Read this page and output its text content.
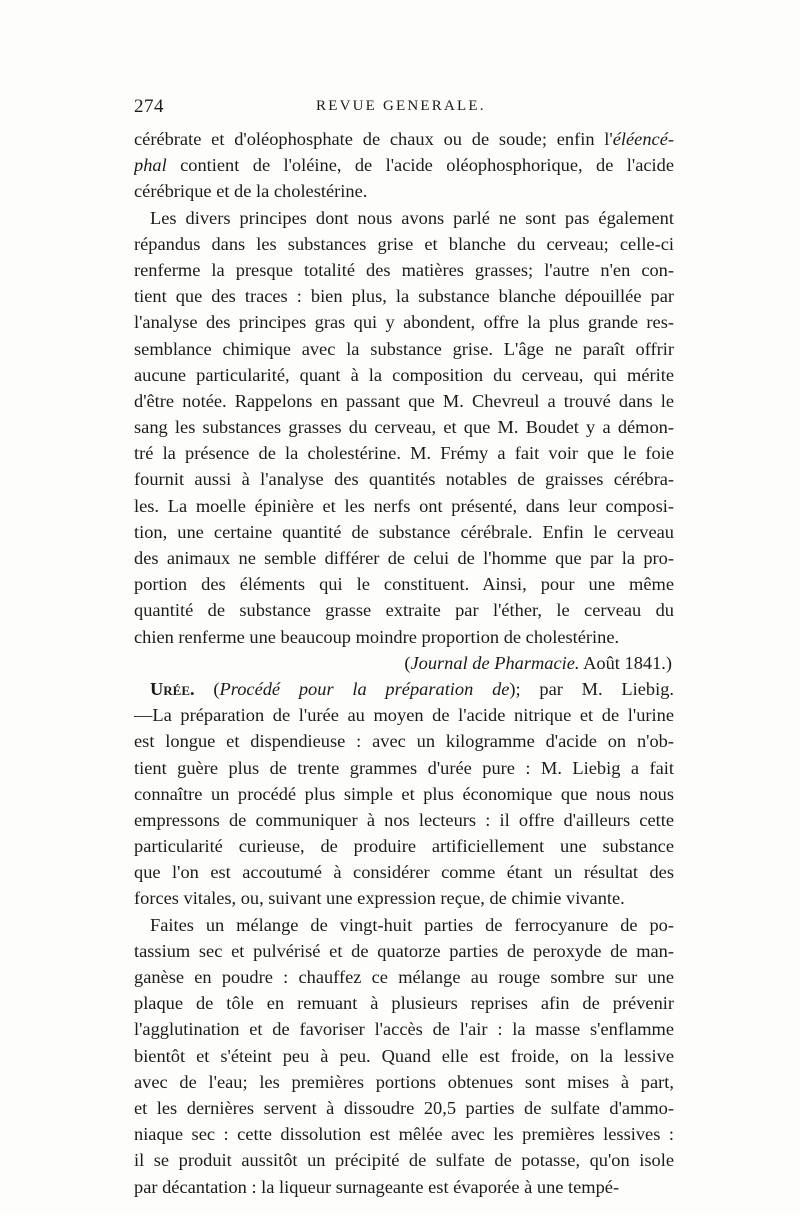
274	REVUE GENERALE.
cérébrate et d'oléophosphate de chaux ou de soude; enfin l'éléencé-
phal contient de l'oléine, de l'acide oléophosphorique, de l'acide
cérébrique et de la cholestérine.
Les divers principes dont nous avons parlé ne sont pas également
répandus dans les substances grise et blanche du cerveau; celle-ci
renferme la presque totalité des matières grasses; l'autre n'en con-
tient que des traces : bien plus, la substance blanche dépouillée par
l'analyse des principes gras qui y abondent, offre la plus grande res-
semblance chimique avec la substance grise. L'âge ne paraît offrir
aucune particularité, quant à la composition du cerveau, qui mérite
d'être notée. Rappelons en passant que M. Chevreul a trouvé dans le
sang les substances grasses du cerveau, et que M. Boudet y a démon-
tré la présence de la cholestérine. M. Frémy a fait voir que le foie
fournit aussi à l'analyse des quantités notables de graisses cérébra-
les. La moelle épinière et les nerfs ont présenté, dans leur composi-
tion, une certaine quantité de substance cérébrale. Enfin le cerveau
des animaux ne semble différer de celui de l'homme que par la pro-
portion des éléments qui le constituent. Ainsi, pour une même
quantité de substance grasse extraite par l'éther, le cerveau du
chien renferme une beaucoup moindre proportion de cholestérine.
(Journal de Pharmacie. Août 1841.)
Urée. (Procédé pour la préparation de); par M. Liebig.
—La préparation de l'urée au moyen de l'acide nitrique et de l'urine
est longue et dispendieuse : avec un kilogramme d'acide on n'ob-
tient guère plus de trente grammes d'urée pure : M. Liebig a fait
connaître un procédé plus simple et plus économique que nous nous
empressons de communiquer à nos lecteurs : il offre d'ailleurs cette
particularité curieuse, de produire artificiellement une substance
que l'on est accoutumé à considérer comme étant un résultat des
forces vitales, ou, suivant une expression reçue, de chimie vivante.
Faites un mélange de vingt-huit parties de ferrocyanure de po-
tassium sec et pulvérisé et de quatorze parties de peroxyde de man-
ganèse en poudre : chauffez ce mélange au rouge sombre sur une
plaque de tôle en remuant à plusieurs reprises afin de prévenir
l'agglutination et de favoriser l'accès de l'air : la masse s'enflamme
bientôt et s'éteint peu à peu. Quand elle est froide, on la lessive
avec de l'eau; les premières portions obtenues sont mises à part,
et les dernières servent à dissoudre 20,5 parties de sulfate d'ammo-
niaque sec : cette dissolution est mêlée avec les premières lessives :
il se produit aussitôt un précipité de sulfate de potasse, qu'on isole
par décantation : la liqueur surnageante est évaporée à une tempé-
